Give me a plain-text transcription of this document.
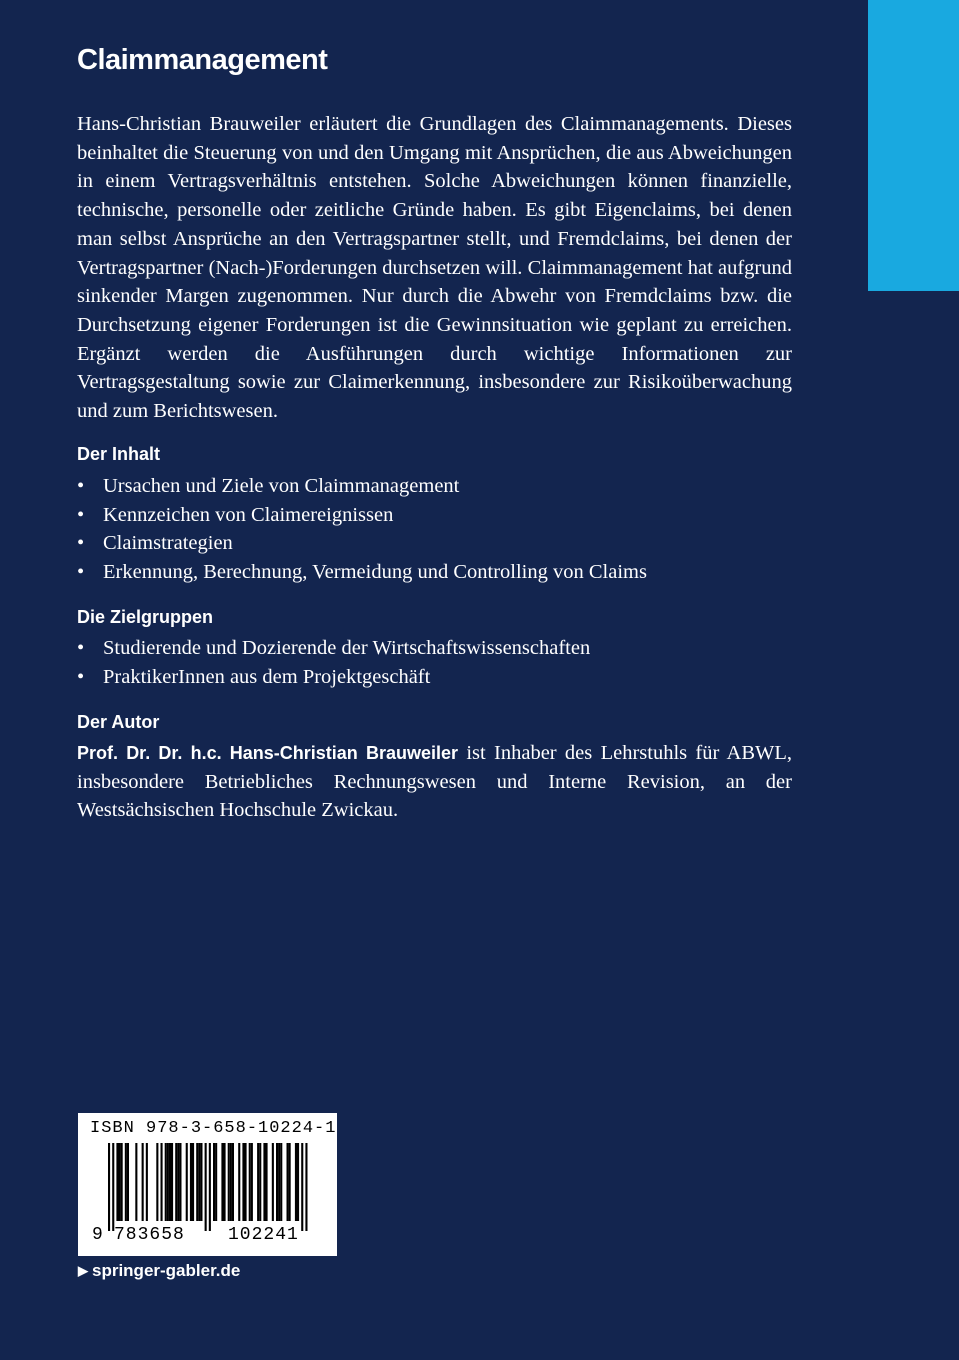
Claimmanagement

Hans-Christian Brauweiler erläutert die Grundlagen des Claimmanagements. Dieses beinhaltet die Steuerung von und den Umgang mit Ansprüchen, die aus Abweichungen in einem Vertragsverhältnis entstehen. Solche Abweichungen können finanzielle, technische, personelle oder zeitliche Gründe haben. Es gibt Eigenclaims, bei denen man selbst Ansprüche an den Vertragspartner stellt, und Fremdclaims, bei denen der Vertragspartner (Nach-)Forderungen durchsetzen will. Claimmanagement hat aufgrund sinkender Margen zugenommen. Nur durch die Abwehr von Fremdclaims bzw. die Durchsetzung eigener Forderungen ist die Gewinnsituation wie geplant zu erreichen. Ergänzt werden die Ausführungen durch wichtige Informationen zur Vertragsgestaltung sowie zur Claimerkennung, insbesondere zur Risikoüberwachung und zum Berichtswesen.

Der Inhalt
• Ursachen und Ziele von Claimmanagement
• Kennzeichen von Claimereignissen
• Claimstrategien
• Erkennung, Berechnung, Vermeidung und Controlling von Claims
Die Zielgruppen
• Studierende und Dozierende der Wirtschaftswissenschaften
• PraktikerInnen aus dem Projektgeschäft
Der Autor

Prof. Dr. Dr. h.c. Hans-Christian Brauweiler ist Inhaber des Lehrstuhls für ABWL, insbesondere Betriebliches Rechnungswesen und Interne Revision, an der Westsächsischen Hochschule Zwickau.

ISBN 978-3-658-10224-1
9 783658 102241
▶ springer-gabler.de
